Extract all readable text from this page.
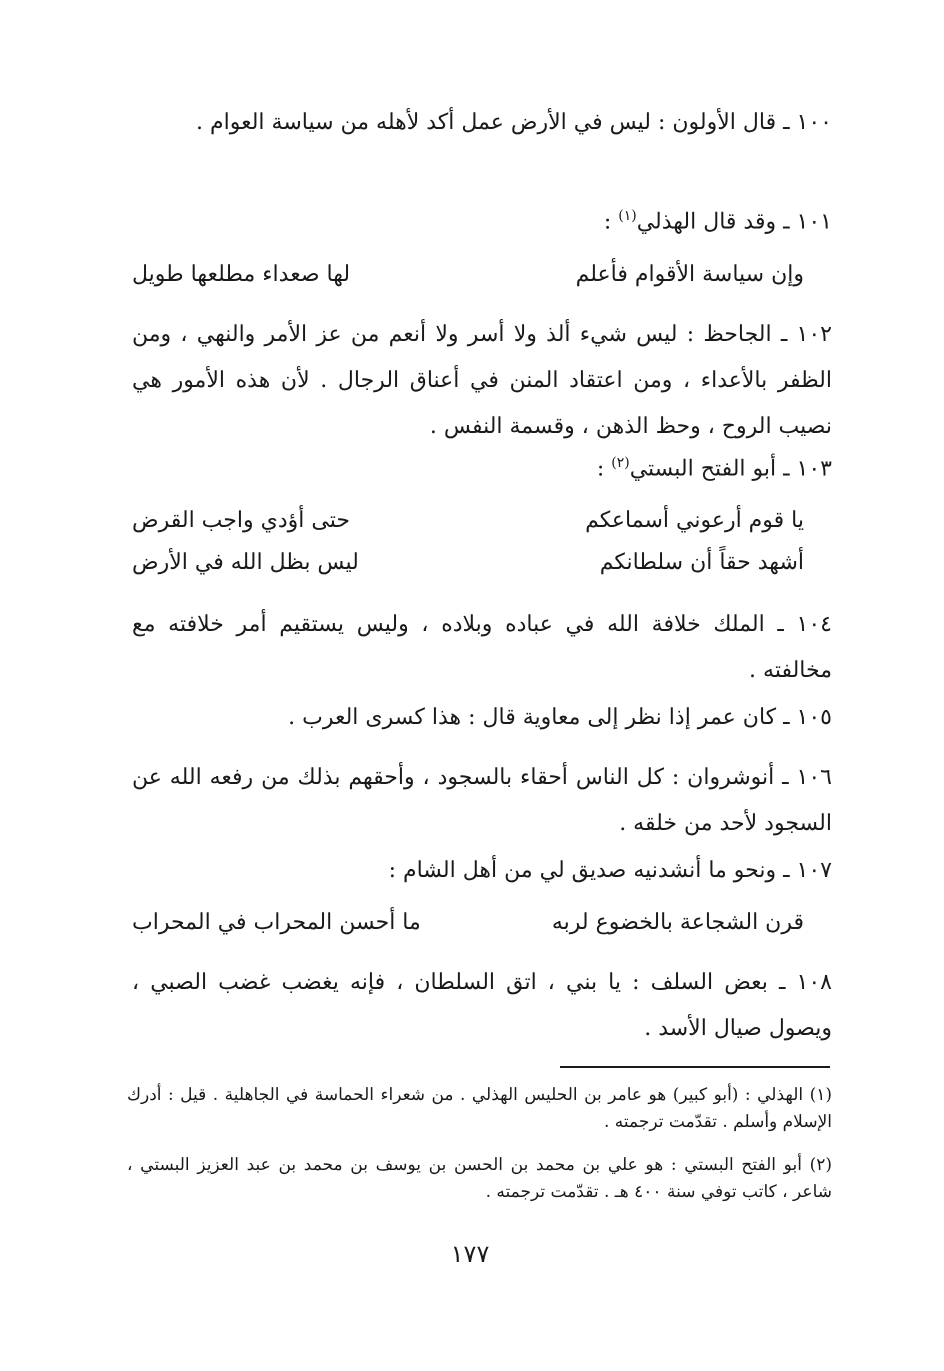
١٠٠ ـ قال الأولون : ليس في الأرض عمل أكد لأهله من سياسة العوام .
١٠١ ـ وقد قال الهذلي$^{(١)}$ :
وإن سياسة الأقوام فأعلم
لها صعداء مطلعها طويل
١٠٢ ـ الجاحظ : ليس شيء ألذ ولا أسر ولا أنعم من عز الأمر والنهي ، ومن الظفر بالأعداء ، ومن اعتقاد المنن في أعناق الرجال . لأن هذه الأمور هي نصيب الروح ، وحظ الذهن ، وقسمة النفس .
١٠٣ ـ أبو الفتح البستي$^{(٢)}$ :
يا قوم أرعوني أسماعكم
حتى أؤدي واجب القرض
أشهد حقاً أن سلطانكم
ليس بظل الله في الأرض
١٠٤ ـ الملك خلافة الله في عباده وبلاده ، وليس يستقيم أمر خلافته مع مخالفته .
١٠٥ ـ كان عمر إذا نظر إلى معاوية قال : هذا كسرى العرب .
١٠٦ ـ أنوشروان : كل الناس أحقاء بالسجود ، وأحقهم بذلك من رفعه الله عن السجود لأحد من خلقه .
١٠٧ ـ ونحو ما أنشدنيه صديق لي من أهل الشام :
قرن الشجاعة بالخضوع لربه
ما أحسن المحراب في المحراب
١٠٨ ـ بعض السلف : يا بني ، اتق السلطان ، فإنه يغضب غضب الصبي ، ويصول صيال الأسد .
(١) الهذلي : (أبو كبير) هو عامر بن الحليس الهذلي . من شعراء الحماسة في الجاهلية . قيل : أدرك الإسلام وأسلم . تقدّمت ترجمته .
(٢) أبو الفتح البستي : هو علي بن محمد بن الحسن بن يوسف بن محمد بن عبد العزيز البستي ، شاعر ، كاتب توفي سنة ٤٠٠ هـ . تقدّمت ترجمته .
١٧٧
